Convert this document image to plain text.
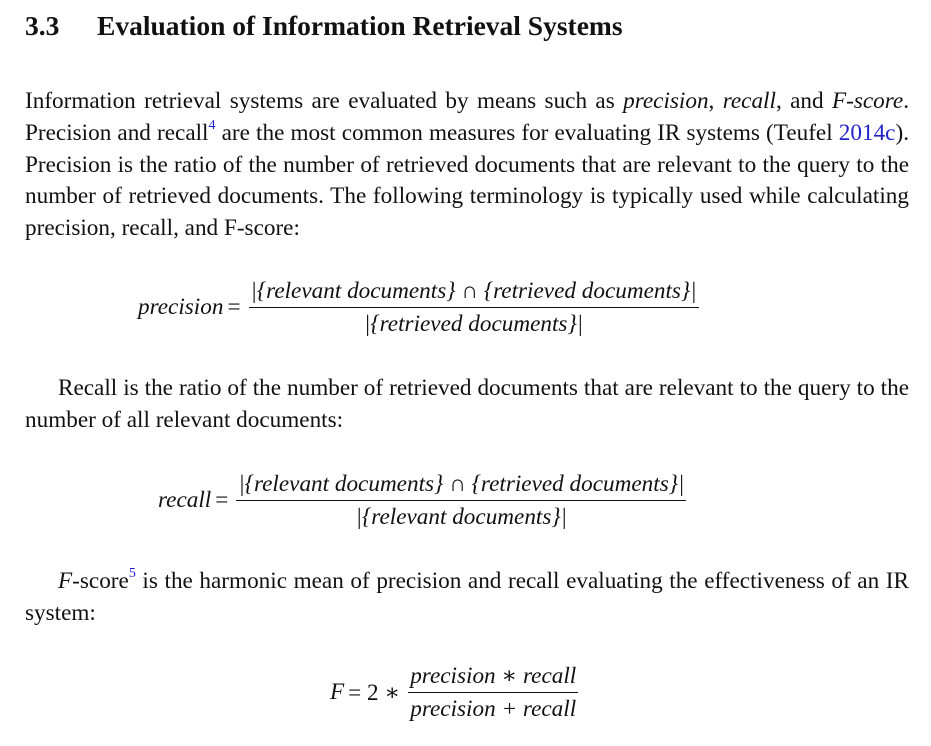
3.3 Evaluation of Information Retrieval Systems

Information retrieval systems are evaluated by means such as precision, recall, and F-score. Precision and recall$^4$ are the most common measures for evaluating IR systems (Teufel 2014c). Precision is the ratio of the number of retrieved documents that are relevant to the query to the number of retrieved documents. The following terminology is typically used while calculating precision, recall, and F-score:

precision = $\frac{\text{|\{relevant documents\} ∩ \{retrieved documents\}|}}{\text{|\{retrieved documents\}|}}$

Recall is the ratio of the number of retrieved documents that are relevant to the query to the number of all relevant documents:

recall = $\frac{\text{|\{relevant documents\} ∩ \{retrieved documents\}|}}{\text{|\{relevant documents\}|}}$

F-score$^5$ is the harmonic mean of precision and recall evaluating the effectiveness of an IR system:

F = 2 ∗ $\frac{\text{precision ∗ recall}}{\text{precision + recall}}$
